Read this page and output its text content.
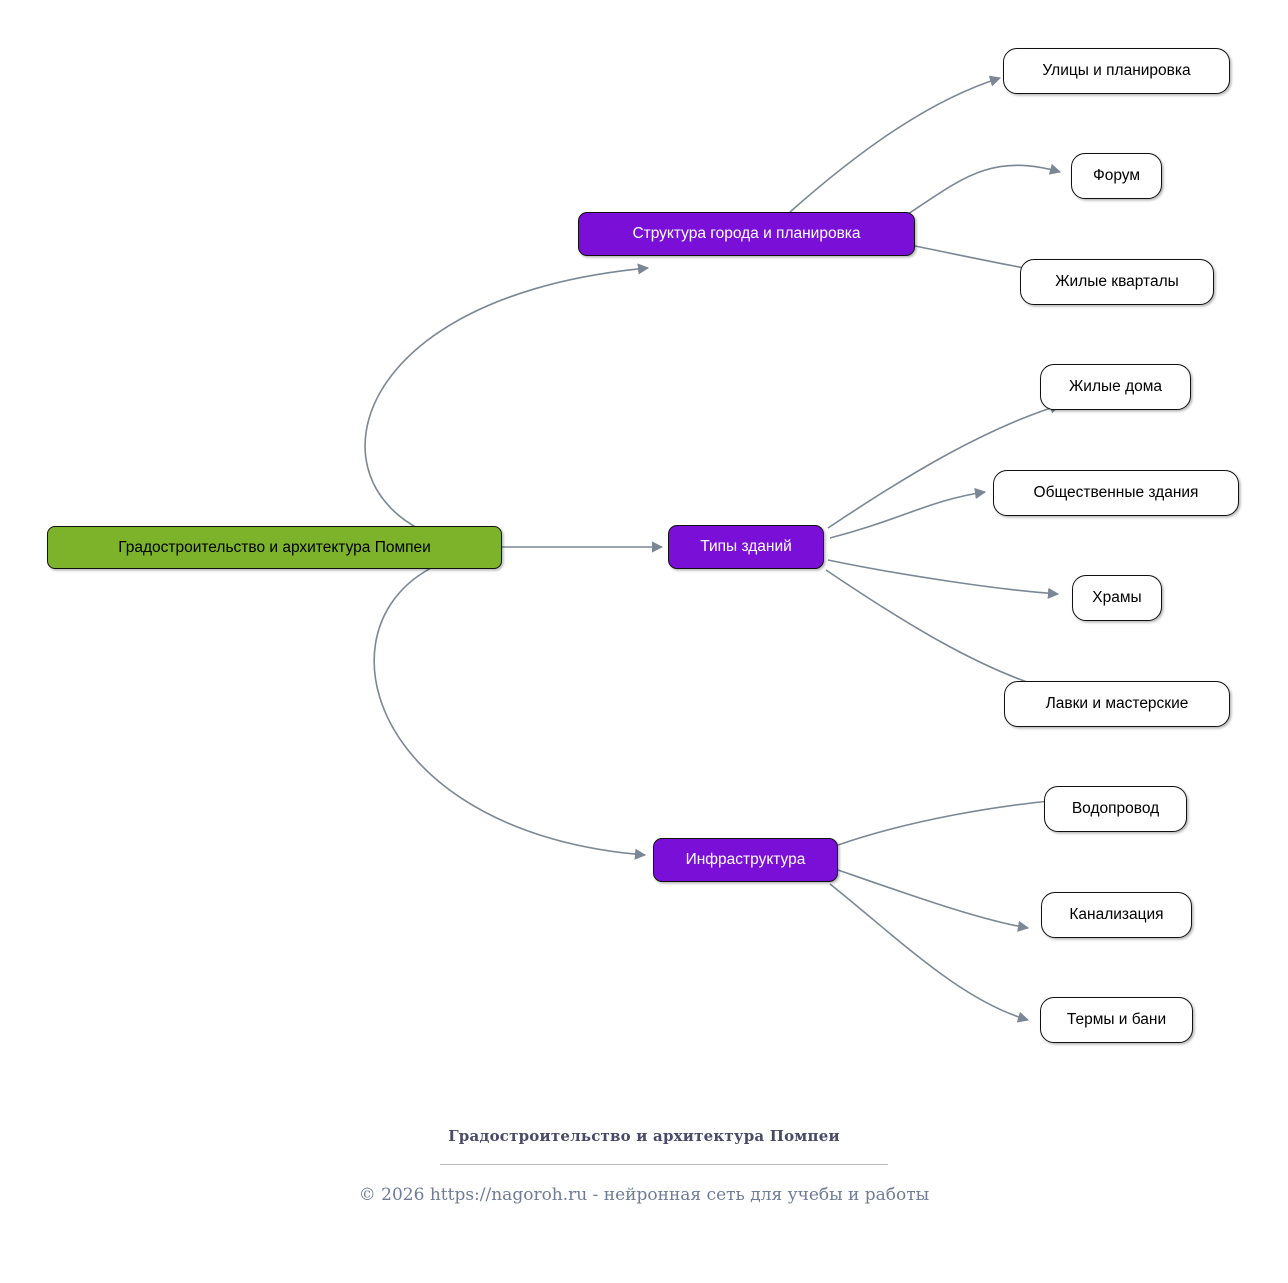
Градостроительство и архитектура Помпеи
Структура города и планировка
Типы зданий
Инфраструктура
Улицы и планировка
Форум
Жилые кварталы
Жилые дома
Общественные здания
Храмы
Лавки и мастерские
Водопровод
Канализация
Термы и бани
Градостроительство и архитектура Помпеи
© 2026 https://nagoroh.ru - нейронная сеть для учебы и работы
